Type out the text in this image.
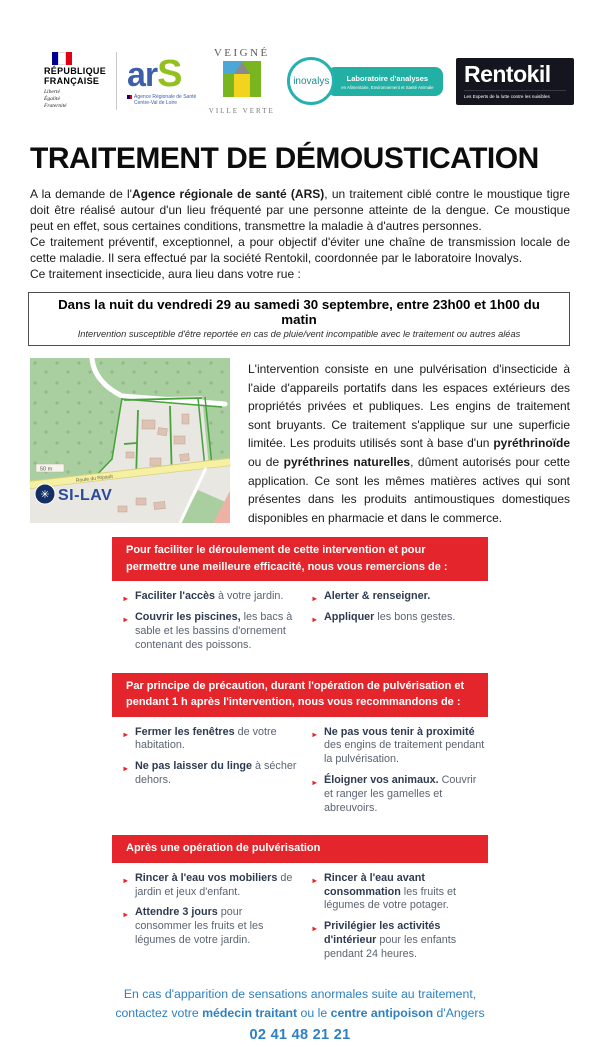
RÉPUBLIQUE
FRANÇAISE
Liberté
Égalité
Fraternité
arS
Agence Régionale de Santé
Centre-Val de Loire
VEIGNÉ
VILLE VERTE
inovalys	Laboratoire d'analyses
en Alimentaire, Environnement et Santé Animale
Rentokil
Les Experts de la lutte contre les nuisibles
TRAITEMENT DE DÉMOUSTICATION

A la demande de l'Agence régionale de santé (ARS), un traitement ciblé contre le moustique tigre doit être réalisé autour d'un lieu fréquenté par une personne atteinte de la dengue. Ce moustique peut en effet, sous certaines conditions, transmettre la maladie à d'autres personnes.

Ce traitement préventif, exceptionnel, a pour objectif d'éviter une chaîne de transmission locale de cette maladie. Il sera effectué par la société Rentokil, coordonnée par le laboratoire Inovalys.

Ce traitement insecticide, aura lieu dans votre rue :

Dans la nuit du vendredi 29 au samedi 30 septembre, entre 23h00 et 1h00 du matin
Intervention susceptible d'être reportée en cas de pluie/vent incompatible avec le traitement ou autres aléas
Route du Ripault
50 m
✳ SI-LAV
L'intervention consiste en une pulvérisation d'insecticide à l'aide d'appareils portatifs dans les espaces extérieurs des propriétés privées et publiques. Les engins de traitement sont bruyants. Ce traitement s'applique sur une superficie limitée. Les produits utilisés sont à base d'un pyréthrinoïde ou de pyréthrines naturelles, dûment autorisés pour cette application. Ce sont les mêmes matières actives qui sont présentes dans les produits antimoustiques domestiques disponibles en pharmacie et dans le commerce.
Pour faciliter le déroulement de cette intervention et pour permettre une meilleure efficacité, nous vous remercions de :
► Faciliter l'accès à votre jardin.
► Couvrir les piscines, les bacs à sable et les bassins d'ornement contenant des poissons.
► Alerter & renseigner.
► Appliquer les bons gestes.
Par principe de précaution, durant l'opération de pulvérisation et pendant 1 h après l'intervention, nous vous recommandons de :
► Fermer les fenêtres de votre habitation.
► Ne pas laisser du linge à sécher dehors.
► Ne pas vous tenir à proximité des engins de traitement pendant la pulvérisation.
► Éloigner vos animaux. Couvrir et ranger les gamelles et abreuvoirs.
Après une opération de pulvérisation
► Rincer à l'eau vos mobiliers de jardin et jeux d'enfant.
► Attendre 3 jours pour consommer les fruits et les légumes de votre jardin.
► Rincer à l'eau avant consommation les fruits et légumes de votre potager.
► Privilégier les activités d'intérieur pour les enfants pendant 24 heures.
En cas d'apparition de sensations anormales suite au traitement, contactez votre médecin traitant ou le centre antipoison d'Angers 02 41 48 21 21
